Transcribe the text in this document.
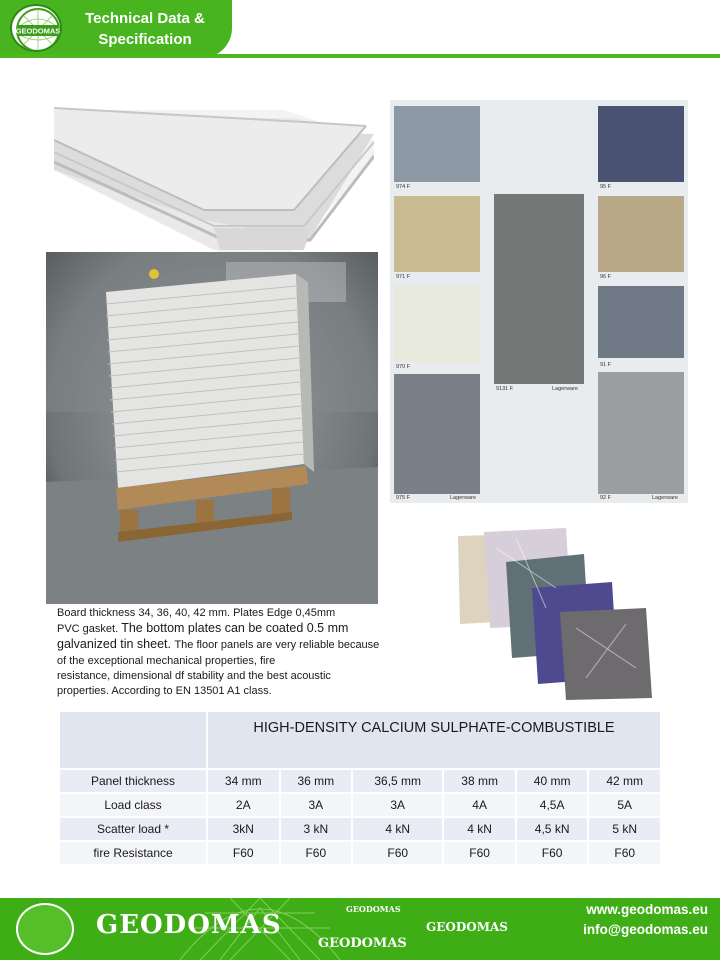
GEODOMAS
Technical Data &
Specification
974 F	95 F
971 F
9131 F	Lagerware
96 F
970 F	91 F
975 F	Lagerware	92 F	Lagerware

Board thickness 34, 36, 40, 42 mm. Plates Edge 0,45mm

PVC gasket. The bottom plates can be coated 0.5 mm

galvanized tin sheet. The floor panels are very reliable because

of the exceptional mechanical properties, fire

resistance, dimensional df stability and the best acoustic

properties. According to EN 13501 A1 class.

	HIGH-DENSITY CALCIUM SULPHATE-COMBUSTIBLE					
Panel thickness	34 mm	36 mm	36,5 mm	38 mm	40 mm	42 mm
Load class	2A	3A	3A	4A	4,5A	5A
Scatter load *	3kN	3 kN	4 kN	4 kN	4,5 kN	5 kN
fire Resistance	F60	F60	F60	F60	F60	F60
GEODOMAS
GEODOMAS
GEODOMAS
GEODOMAS
www.geodomas.eu
info@geodomas.eu
